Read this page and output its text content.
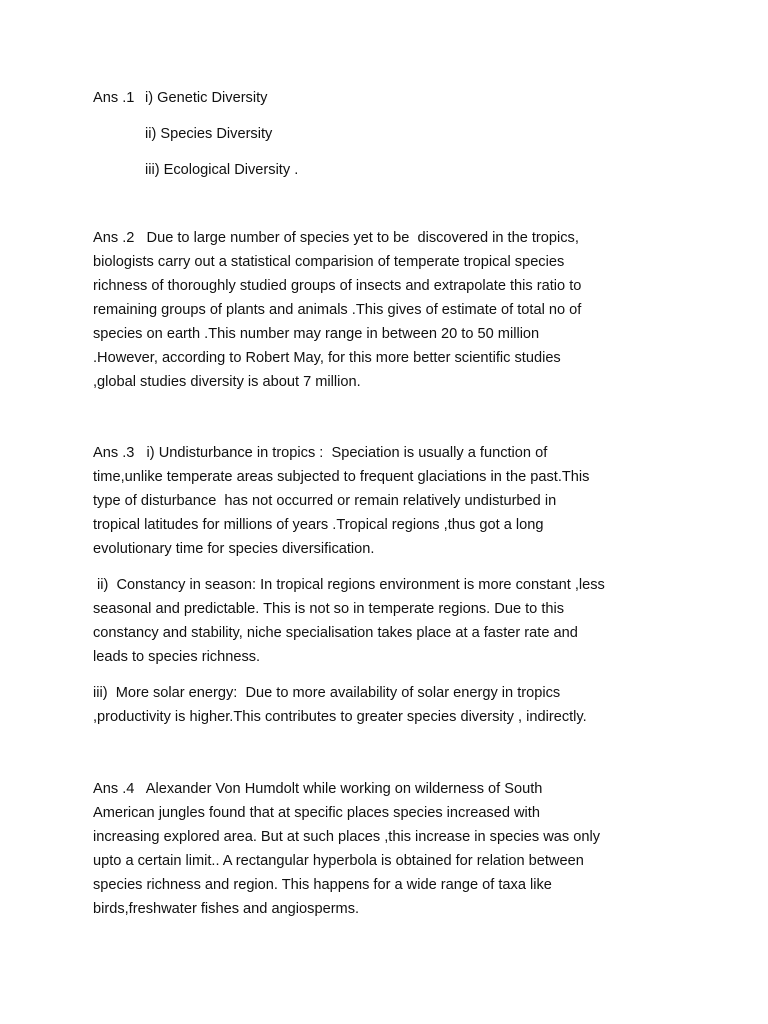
Ans .1 i) Genetic Diversity
ii) Species Diversity
iii) Ecological Diversity .
Ans .2   Due to large number of species yet to be  discovered in the tropics,
biologists carry out a statistical comparision of temperate tropical species
richness of thoroughly studied groups of insects and extrapolate this ratio to
remaining groups of plants and animals .This gives of estimate of total no of
species on earth .This number may range in between 20 to 50 million
.However, according to Robert May, for this more better scientific studies
,global studies diversity is about 7 million.
Ans .3   i) Undisturbance in tropics :  Speciation is usually a function of
time,unlike temperate areas subjected to frequent glaciations in the past.This
type of disturbance  has not occurred or remain relatively undisturbed in
tropical latitudes for millions of years .Tropical regions ,thus got a long
evolutionary time for species diversification.
ii)  Constancy in season: In tropical regions environment is more constant ,less
seasonal and predictable. This is not so in temperate regions. Due to this
constancy and stability, niche specialisation takes place at a faster rate and
leads to species richness.
iii)  More solar energy:  Due to more availability of solar energy in tropics
,productivity is higher.This contributes to greater species diversity , indirectly.
Ans .4   Alexander Von Humdolt while working on wilderness of South
American jungles found that at specific places species increased with
increasing explored area. But at such places ,this increase in species was only
upto a certain limit.. A rectangular hyperbola is obtained for relation between
species richness and region. This happens for a wide range of taxa like
birds,freshwater fishes and angiosperms.
